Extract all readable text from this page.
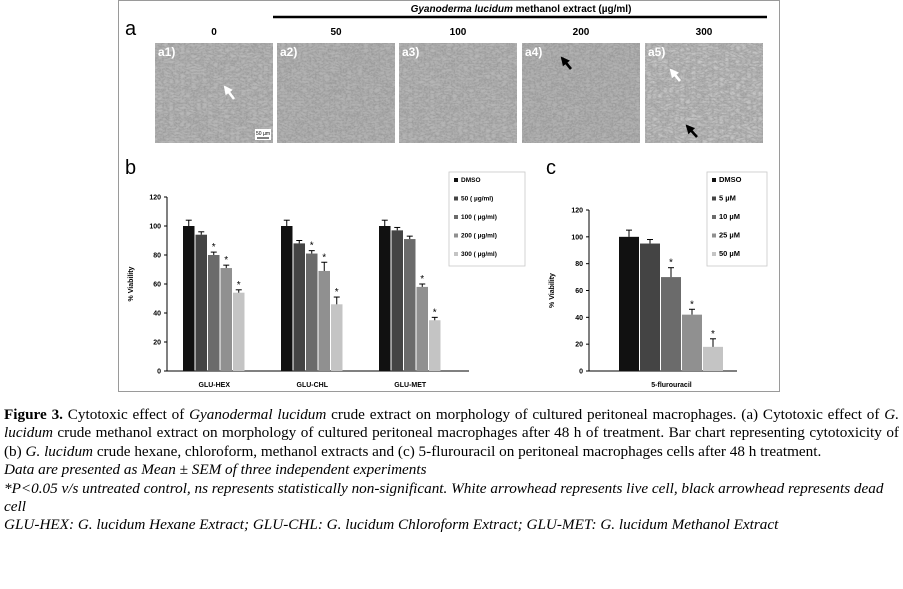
a
Gyanoderma lucidum methanol extract (µg/ml)
0	50	100	200	300
a1)	a2)	a3)	a4)	a5)
50 µm
b
0
20
40
60
80
100
120
% Viability
*
*
*
GLU-HEX
*
*
*
GLU-CHL
*
*
GLU-MET
DMSO
50 ( µg/ml)
100 ( µg/ml)
200 ( µg/ml)
300 ( µg/ml)
c
0
20
40
60
80
100
120
% Viability
*
*
*
5-flurouracil
DMSO
5 µM
10 µM
25 µM
50 µM

Figure 3. Cytotoxic effect of Gyanodermal lucidum crude extract on morphology of cultured peritoneal macrophages. (a) Cytotoxic effect of G. lucidum crude methanol extract on morphology of cultured peritoneal macrophages after 48 h of treatment. Bar chart representing cytotoxicity of (b) G. lucidum crude hexane, chloroform, methanol extracts and (c) 5-flurouracil on peritoneal macrophages cells after 48 h treatment.

Data are presented as Mean ± SEM of three independent experiments

*P<0.05 v/s untreated control, ns represents statistically non-significant. White arrowhead represents live cell, black arrowhead represents dead cell

GLU-HEX: G. lucidum Hexane Extract; GLU-CHL: G. lucidum Chloroform Extract; GLU-MET: G. lucidum Methanol Extract
